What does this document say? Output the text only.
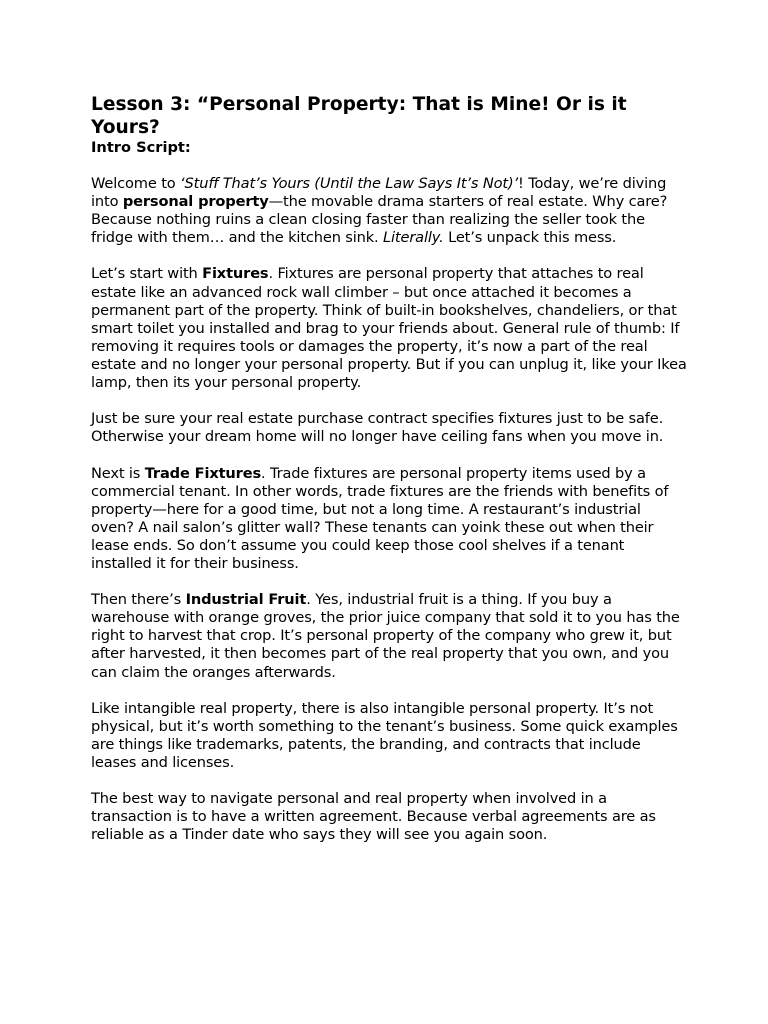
Lesson 3: “Personal Property: That is Mine! Or is it Yours?

Intro Script:

Welcome to ‘Stuff That’s Yours (Until the Law Says It’s Not)’! Today, we’re diving into personal property—the movable drama starters of real estate. Why care? Because nothing ruins a clean closing faster than realizing the seller took the fridge with them… and the kitchen sink. Literally. Let’s unpack this mess.

Let’s start with Fixtures. Fixtures are personal property that attaches to real estate like an advanced rock wall climber – but once attached it becomes a permanent part of the property. Think of built-in bookshelves, chandeliers, or that smart toilet you installed and brag to your friends about. General rule of thumb: If removing it requires tools or damages the property, it’s now a part of the real estate and no longer your personal property. But if you can unplug it, like your Ikea lamp, then its your personal property.

Just be sure your real estate purchase contract specifies fixtures just to be safe. Otherwise your dream home will no longer have ceiling fans when you move in.

Next is Trade Fixtures. Trade fixtures are personal property items used by a commercial tenant. In other words, trade fixtures are the friends with benefits of property—here for a good time, but not a long time. A restaurant’s industrial oven? A nail salon’s glitter wall? These tenants can yoink these out when their lease ends. So don’t assume you could keep those cool shelves if a tenant installed it for their business.

Then there’s Industrial Fruit. Yes, industrial fruit is a thing. If you buy a warehouse with orange groves, the prior juice company that sold it to you has the right to harvest that crop. It’s personal property of the company who grew it, but after harvested, it then becomes part of the real property that you own, and you can claim the oranges afterwards.

Like intangible real property, there is also intangible personal property. It’s not physical, but it’s worth something to the tenant’s business. Some quick examples are things like trademarks, patents, the branding, and contracts that include leases and licenses.

The best way to navigate personal and real property when involved in a transaction is to have a written agreement. Because verbal agreements are as reliable as a Tinder date who says they will see you again soon.
